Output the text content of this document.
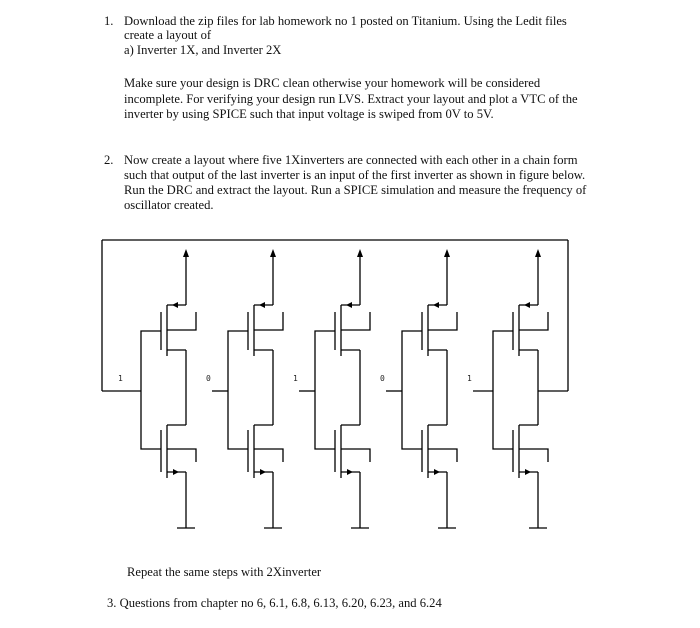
1. Download the zip files for lab homework no 1 posted on Titanium. Using the Ledit files
create a layout of
a) Inverter 1X, and Inverter 2X
Make sure your design is DRC clean otherwise your homework will be considered
incomplete. For verifying your design run LVS. Extract your layout and plot a VTC of the
inverter by using SPICE such that input voltage is swiped from 0V to 5V.
2. Now create a layout where five 1Xinverters are connected with each other in a chain form
such that output of the last inverter is an input of the first inverter as shown in figure below.
Run the DRC and extract the layout. Run a SPICE simulation and measure the frequency of
oscillator created.
1	0	1	0	1
Repeat the same steps with 2Xinverter
3. Questions from chapter no 6, 6.1, 6.8, 6.13, 6.20, 6.23, and 6.24
